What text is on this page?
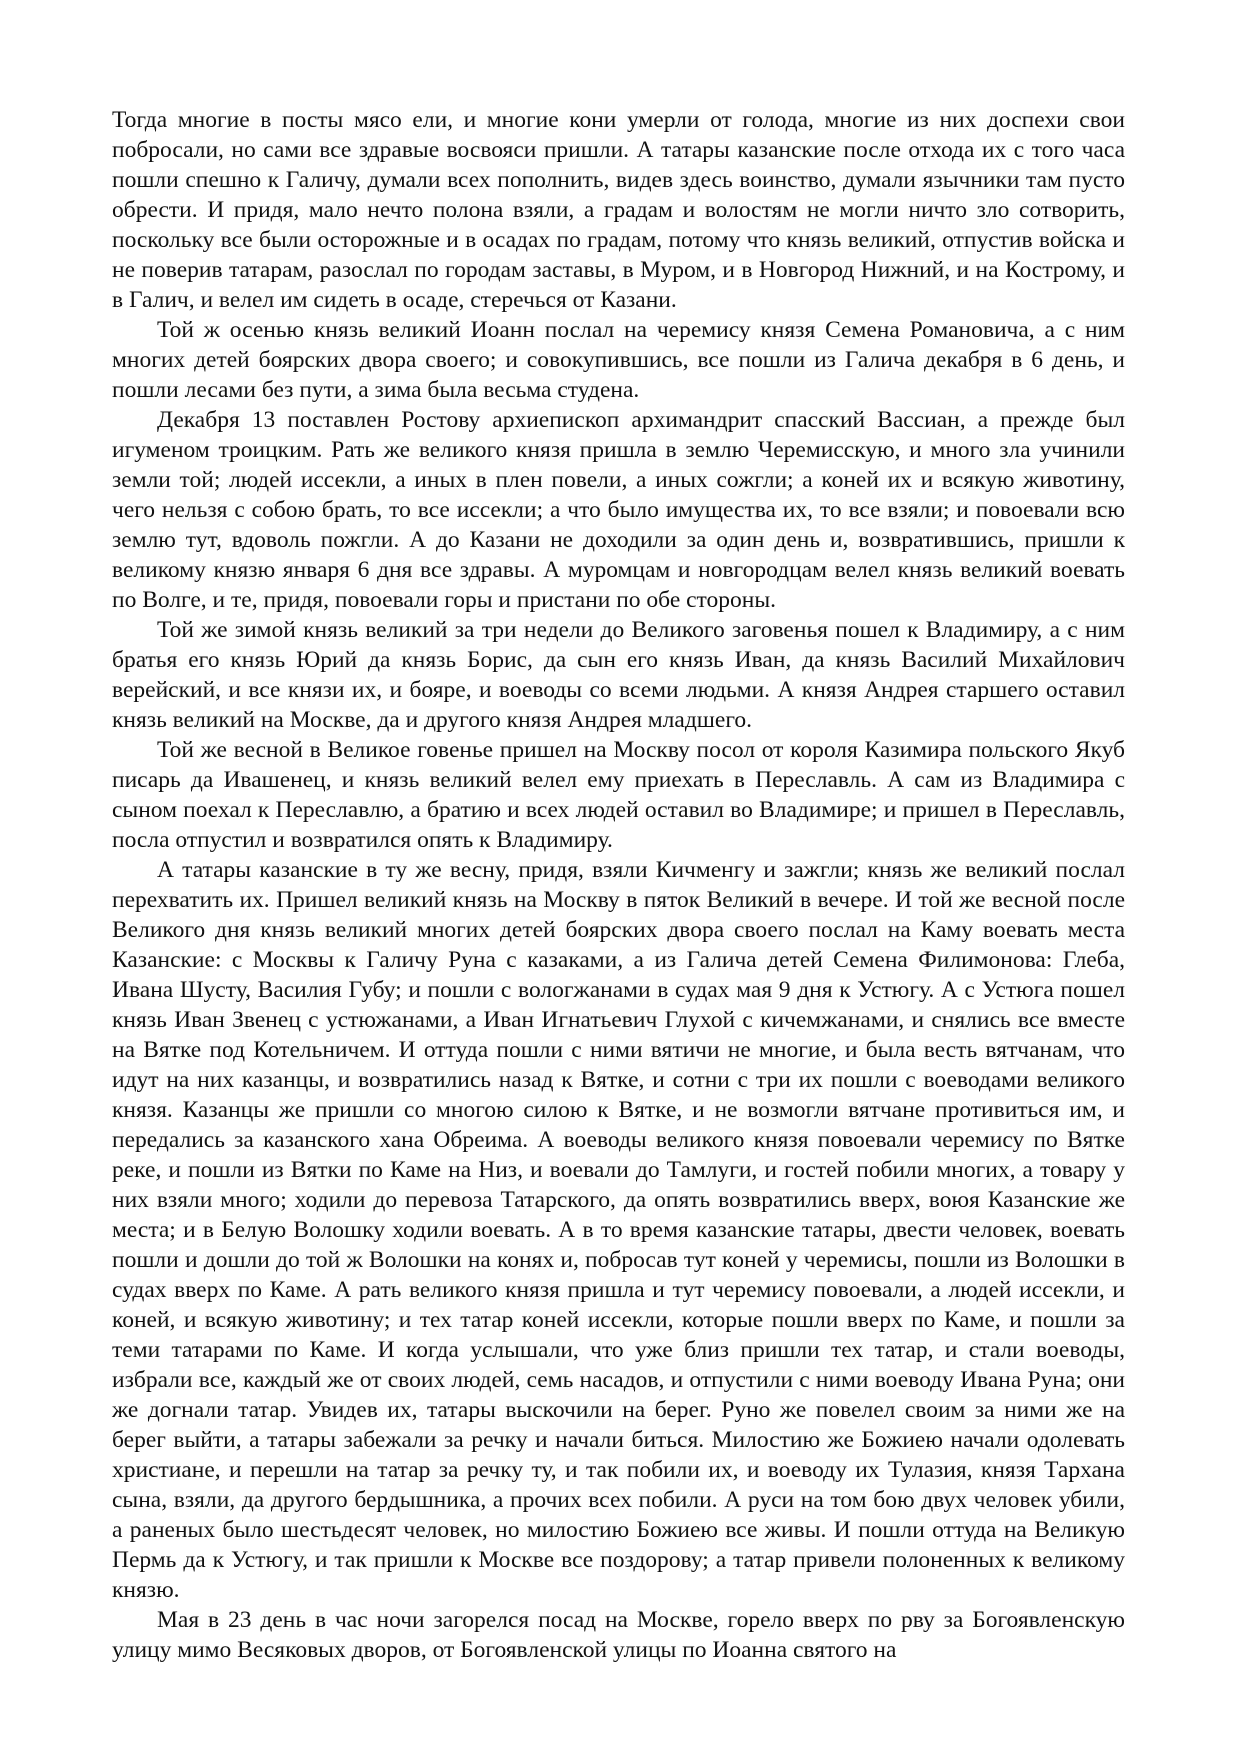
Тогда многие в посты мясо ели, и многие кони умерли от голода, многие из них доспехи свои побросали, но сами все здравые восвояси пришли. А татары казанские после отхода их с того часа пошли спешно к Галичу, думали всех пополнить, видев здесь воинство, думали язычники там пусто обрести. И придя, мало нечто полона взяли, а градам и волостям не могли ничто зло сотворить, поскольку все были осторожные и в осадах по градам, потому что князь великий, отпустив войска и не поверив татарам, разослал по городам заставы, в Муром, и в Новгород Нижний, и на Кострому, и в Галич, и велел им сидеть в осаде, стеречься от Казани.

Той ж осенью князь великий Иоанн послал на черемису князя Семена Романовича, а с ним многих детей боярских двора своего; и совокупившись, все пошли из Галича декабря в 6 день, и пошли лесами без пути, а зима была весьма студена.

Декабря 13 поставлен Ростову архиепископ архимандрит спасский Вассиан, а прежде был игуменом троицким. Рать же великого князя пришла в землю Черемисскую, и много зла учинили земли той; людей иссекли, а иных в плен повели, а иных сожгли; а коней их и всякую животину, чего нельзя с собою брать, то все иссекли; а что было имущества их, то все взяли; и повоевали всю землю тут, вдоволь пожгли. А до Казани не доходили за один день и, возвратившись, пришли к великому князю января 6 дня все здравы. А муромцам и новгородцам велел князь великий воевать по Волге, и те, придя, повоевали горы и пристани по обе стороны.

Той же зимой князь великий за три недели до Великого заговенья пошел к Владимиру, а с ним братья его князь Юрий да князь Борис, да сын его князь Иван, да князь Василий Михайлович верейский, и все князи их, и бояре, и воеводы со всеми людьми. А князя Андрея старшего оставил князь великий на Москве, да и другого князя Андрея младшего.

Той же весной в Великое говенье пришел на Москву посол от короля Казимира польского Якуб писарь да Ивашенец, и князь великий велел ему приехать в Переславль. А сам из Владимира с сыном поехал к Переславлю, а братию и всех людей оставил во Владимире; и пришел в Переславль, посла отпустил и возвратился опять к Владимиру.

А татары казанские в ту же весну, придя, взяли Кичменгу и зажгли; князь же великий послал перехватить их. Пришел великий князь на Москву в пяток Великий в вечере. И той же весной после Великого дня князь великий многих детей боярских двора своего послал на Каму воевать места Казанские: с Москвы к Галичу Руна с казаками, а из Галича детей Семена Филимонова: Глеба, Ивана Шусту, Василия Губу; и пошли с вологжанами в судах мая 9 дня к Устюгу. А с Устюга пошел князь Иван Звенец с устюжанами, а Иван Игнатьевич Глухой с кичемжанами, и снялись все вместе на Вятке под Котельничем. И оттуда пошли с ними вятичи не многие, и была весть вятчанам, что идут на них казанцы, и возвратились назад к Вятке, и сотни с три их пошли с воеводами великого князя. Казанцы же пришли со многою силою к Вятке, и не возмогли вятчане противиться им, и передались за казанского хана Обреима. А воеводы великого князя повоевали черемису по Вятке реке, и пошли из Вятки по Каме на Низ, и воевали до Тамлуги, и гостей побили многих, а товару у них взяли много; ходили до перевоза Татарского, да опять возвратились вверх, воюя Казанские же места; и в Белую Волошку ходили воевать. А в то время казанские татары, двести человек, воевать пошли и дошли до той ж Волошки на конях и, побросав тут коней у черемисы, пошли из Волошки в судах вверх по Каме. А рать великого князя пришла и тут черемису повоевали, а людей иссекли, и коней, и всякую животину; и тех татар коней иссекли, которые пошли вверх по Каме, и пошли за теми татарами по Каме. И когда услышали, что уже близ пришли тех татар, и стали воеводы, избрали все, каждый же от своих людей, семь насадов, и отпустили с ними воеводу Ивана Руна; они же догнали татар. Увидев их, татары выскочили на берег. Руно же повелел своим за ними же на берег выйти, а татары забежали за речку и начали биться. Милостию же Божиею начали одолевать христиане, и перешли на татар за речку ту, и так побили их, и воеводу их Тулазия, князя Тархана сына, взяли, да другого бердышника, а прочих всех побили. А руси на том бою двух человек убили, а раненых было шестьдесят человек, но милостию Божиею все живы. И пошли оттуда на Великую Пермь да к Устюгу, и так пришли к Москве все поздорову; а татар привели полоненных к великому князю.

Мая в 23 день в час ночи загорелся посад на Москве, горело вверх по рву за Богоявленскую улицу мимо Весяковых дворов, от Богоявленской улицы по Иоанна святого на
